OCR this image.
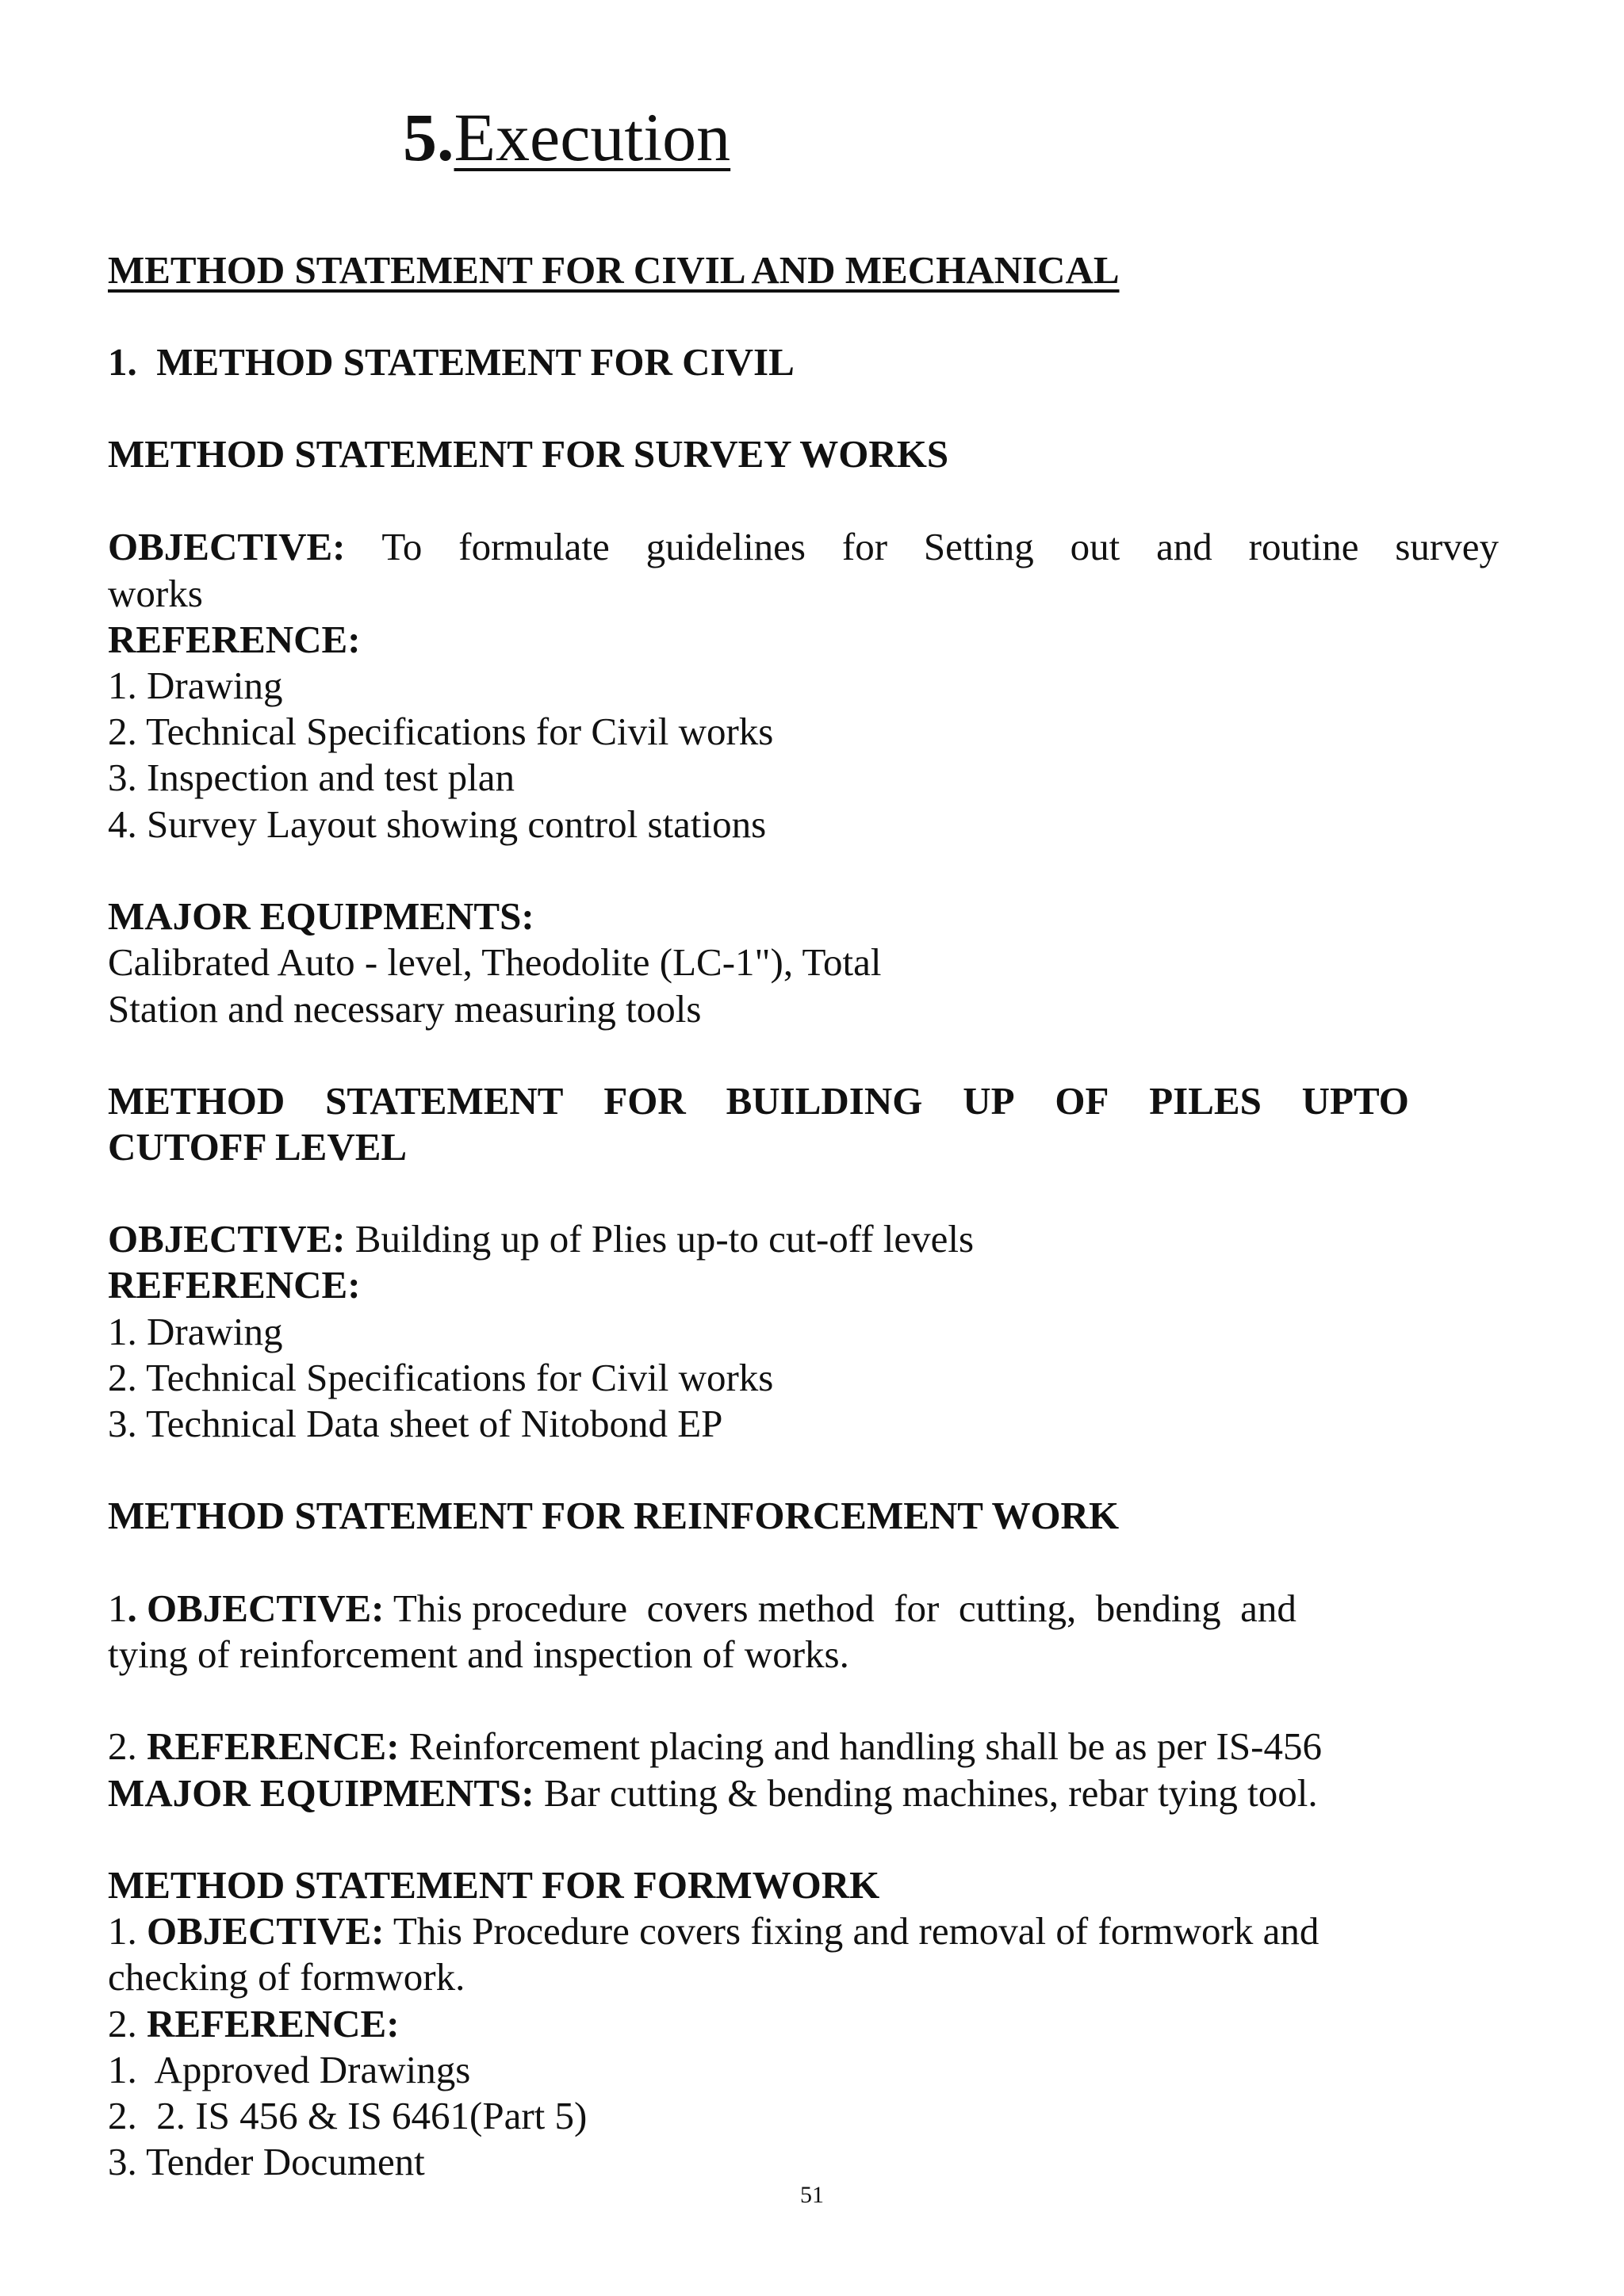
5.Execution

METHOD STATEMENT FOR CIVIL AND MECHANICAL

1.  METHOD STATEMENT FOR CIVIL

METHOD STATEMENT FOR SURVEY WORKS

OBJECTIVE: To formulate guidelines for Setting out and routine survey

works

REFERENCE:

1. Drawing

2. Technical Specifications for Civil works

3. Inspection and test plan

4. Survey Layout showing control stations

MAJOR EQUIPMENTS:

Calibrated Auto - level, Theodolite (LC-1"), Total

Station and necessary measuring tools

METHOD STATEMENT FOR BUILDING UP OF PILES UPTO

CUTOFF LEVEL

OBJECTIVE: Building up of Plies up-to cut-off levels

REFERENCE:

1. Drawing

2. Technical Specifications for Civil works

3. Technical Data sheet of Nitobond EP

METHOD STATEMENT FOR REINFORCEMENT WORK

1. OBJECTIVE: This procedure  covers method  for  cutting,  bending  and

tying of reinforcement and inspection of works.

2. REFERENCE: Reinforcement placing and handling shall be as per IS-456

MAJOR EQUIPMENTS: Bar cutting & bending machines, rebar tying tool.

METHOD STATEMENT FOR FORMWORK

1. OBJECTIVE: This Procedure covers fixing and removal of formwork and

checking of formwork.

2. REFERENCE:

1.  Approved Drawings

2.  2. IS 456 & IS 6461(Part 5)

3. Tender Document

51
